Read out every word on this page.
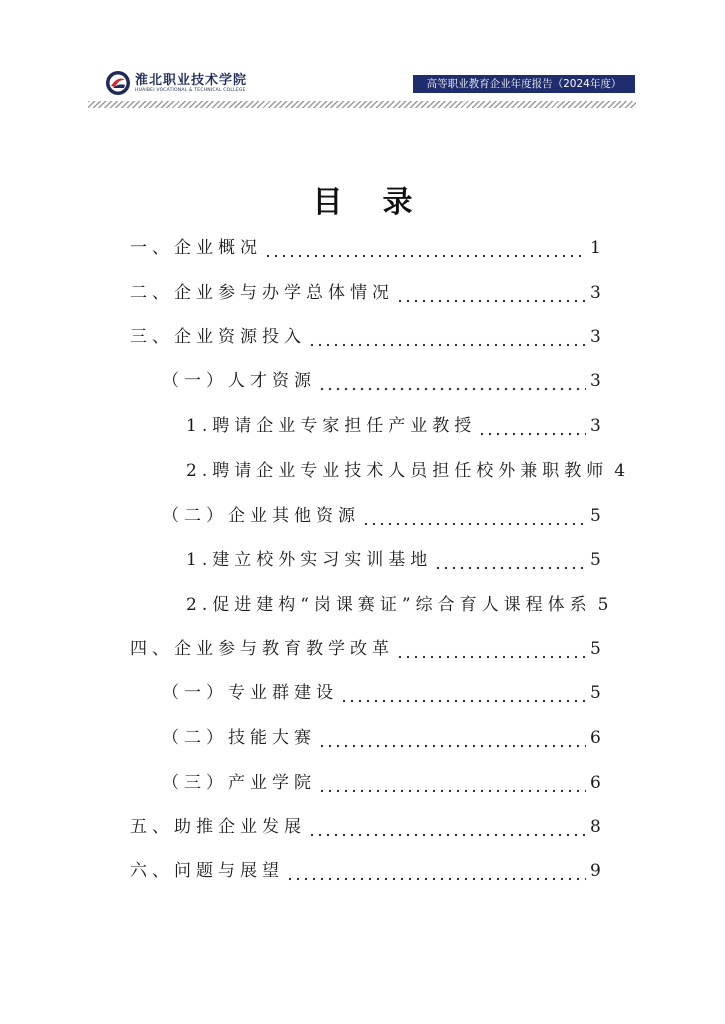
淮北职业技术学院
HUAIBEI VOCATIONAL & TECHNICAL COLLEGE	高等职业教育企业年度报告（2024年度）
目录
一、企业概况	1
二、企业参与办学总体情况	3
三、企业资源投入	3
（一）人才资源	3
1.聘请企业专家担任产业教授	3
2.聘请企业专业技术人员担任校外兼职教师 4
（二）企业其他资源	5
1.建立校外实习实训基地	5
2.促进建构“岗课赛证”综合育人课程体系 5
四、企业参与教育教学改革	5
（一）专业群建设	5
（二）技能大赛	6
（三）产业学院	6
五、助推企业发展	8
六、问题与展望	9
